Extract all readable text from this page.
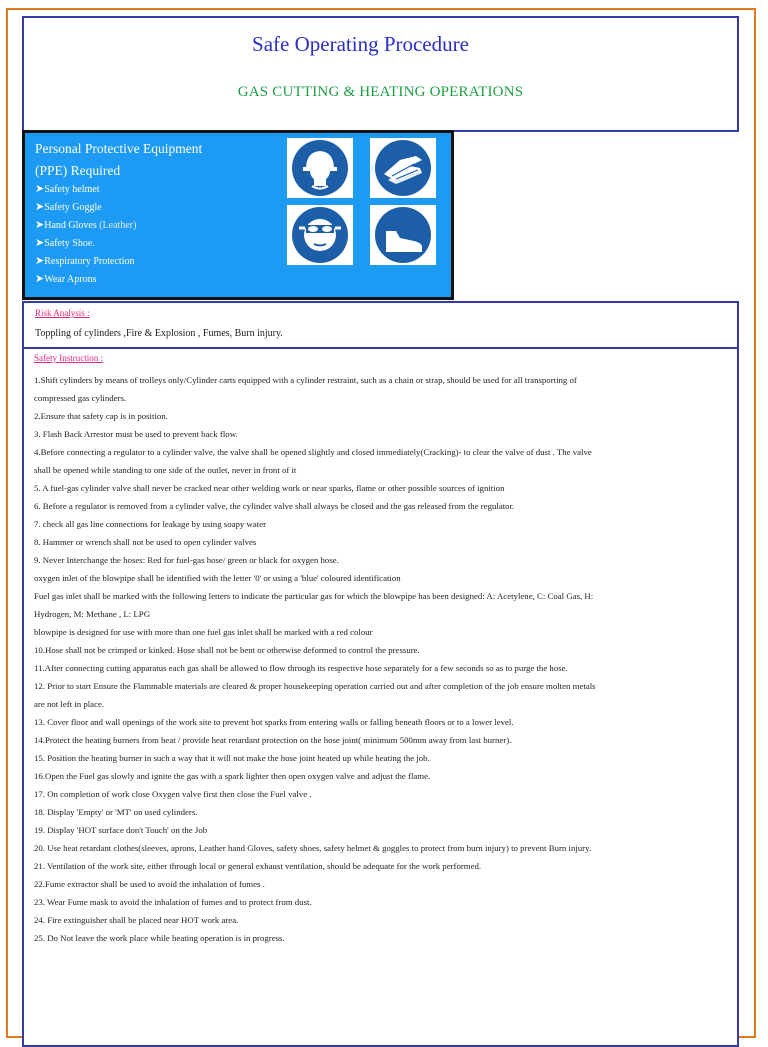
Safe Operating Procedure
GAS CUTTING & HEATING OPERATIONS
Personal Protective Equipment
(PPE) Required
➤Safety helmet
➤Safety Goggle
➤Hand Gloves (Leather)
➤Safety Shoe.
➤Respiratory Protection
➤Wear Aprons
Risk Analysis :
Toppling of cylinders ,Fire & Explosion , Fumes, Burn injury.
Safety Instruction :
1.Shift cylinders by means of trolleys only/Cylinder carts equipped with a cylinder restraint, such as a chain or strap, should be used for all transporting of
compressed gas cylinders.
2.Ensure that safety cap is in position.
3. Flash Back Arrestor must be used to prevent back flow.
4.Before connecting a regulator to a cylinder valve, the valve shall be opened slightly and closed immediately(Cracking)- to clear the valve of dust . The valve
shall be opened while standing to one side of the outlet, never in front of it
5. A fuel-gas cylinder valve shall never be cracked near other welding work or near sparks, flame or other possible sources of ignition
6. Before a regulator is removed from a cylinder valve, the cylinder valve shall always be closed and the gas released from the regulator.
7. check all gas line connections for leakage by using soapy water
8. Hammer or wrench shall not be used to open cylinder valves
9. Never Interchange the hoses: Red for fuel-gas hose/ green or black for oxygen hose.
oxygen inlet of the blowpipe shall be identified with the letter '0' or using a 'blue' coloured identification
Fuel gas inlet shall be marked with the following letters to indicate the particular gas for which the blowpipe has been designed: A: Acetylene, C: Coal Gas, H:
Hydrogen, M: Methane , L: LPG
blowpipe is designed for use with more than one fuel gas inlet shall be marked with a red colour
10.Hose shall not be crimped or kinked. Hose shall not be bent or otherwise deformed to control the pressure.
11.After connecting cutting apparatus each gas shall be allowed to flow through its respective hose separately for a few seconds so as to purge the hose.
12. Prior to start Ensure the Flammable materials are cleared & proper housekeeping operation carried out and after completion of the job ensure molten metals
are not left in place.
13. Cover floor and wall openings of the work site to prevent hot sparks from entering walls or falling beneath floors or to a lower level.
14.Protect the heating burners from heat / provide heat retardant protection on the hose joint( minimum 500mm away from last burner).
15. Position the heating burner in such a way that it will not make the hose joint heated up while heating the job.
16.Open the Fuel gas slowly and ignite the gas with a spark lighter then open oxygen valve and adjust the flame.
17. On completion of work close Oxygen valve first then close the Fuel valve .
18. Display 'Empty' or 'MT' on used cylinders.
19. Display 'HOT surface don't Touch' on the Job
20. Use heat retardant clothes(sleeves, aprons, Leather hand Gloves, safety shoes, safety helmet & goggles to protect from burn injury) to prevent Burn injury.
21. Ventilation of the work site, either through local or general exhaust ventilation, should be adequate for the work performed.
22.Fume extractor shall be used to avoid the inhalation of fumes .
23. Wear Fume mask to avoid the inhalation of fumes and to protect from dust.
24. Fire extinguisher shall be placed near HOT work area.
25. Do Not leave the work place while heating operation is in progress.
